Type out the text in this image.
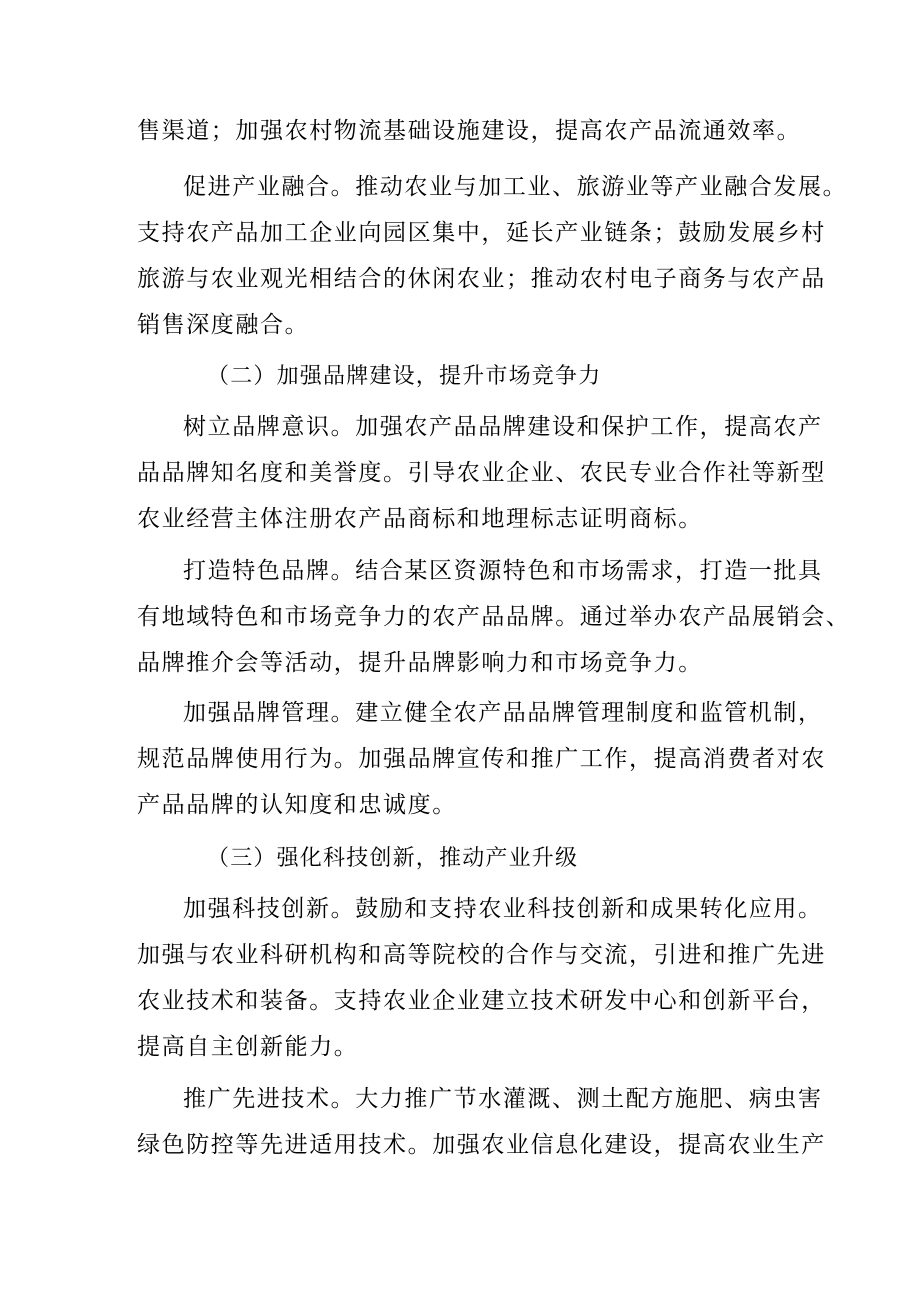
售渠道；加强农村物流基础设施建设，提高农产品流通效率。
促进产业融合。推动农业与加工业、旅游业等产业融合发展。
支持农产品加工企业向园区集中，延长产业链条；鼓励发展乡村
旅游与农业观光相结合的休闲农业；推动农村电子商务与农产品
销售深度融合。
（二）加强品牌建设，提升市场竞争力
树立品牌意识。加强农产品品牌建设和保护工作，提高农产
品品牌知名度和美誉度。引导农业企业、农民专业合作社等新型
农业经营主体注册农产品商标和地理标志证明商标。
打造特色品牌。结合某区资源特色和市场需求，打造一批具
有地域特色和市场竞争力的农产品品牌。通过举办农产品展销会、
品牌推介会等活动，提升品牌影响力和市场竞争力。
加强品牌管理。建立健全农产品品牌管理制度和监管机制，
规范品牌使用行为。加强品牌宣传和推广工作，提高消费者对农
产品品牌的认知度和忠诚度。
（三）强化科技创新，推动产业升级
加强科技创新。鼓励和支持农业科技创新和成果转化应用。
加强与农业科研机构和高等院校的合作与交流，引进和推广先进
农业技术和装备。支持农业企业建立技术研发中心和创新平台，
提高自主创新能力。
推广先进技术。大力推广节水灌溉、测土配方施肥、病虫害
绿色防控等先进适用技术。加强农业信息化建设，提高农业生产
